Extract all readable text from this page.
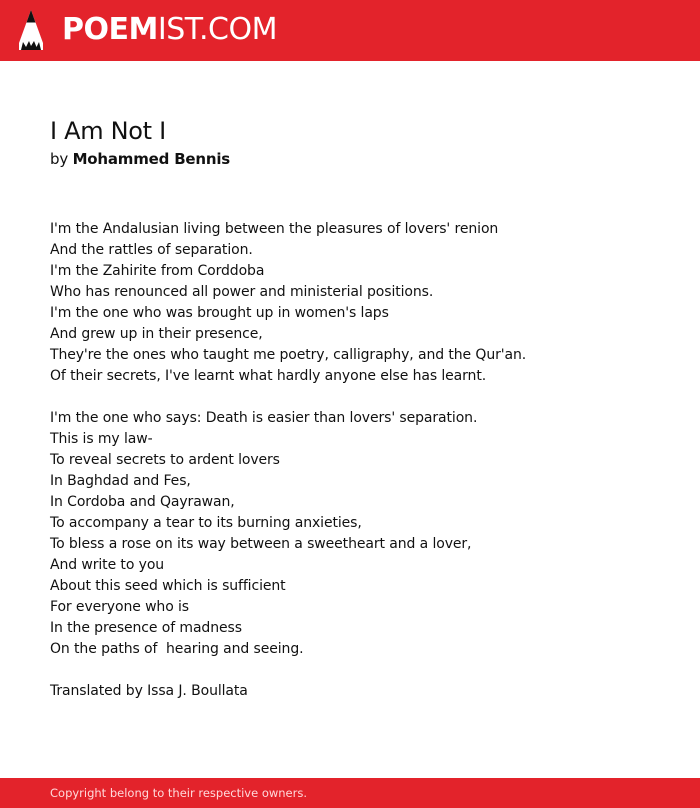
POEMIST.COM
I Am Not I
by Mohammed Bennis
I'm the Andalusian living between the pleasures of lovers' renion
And the rattles of separation.
I'm the Zahirite from Corddoba
Who has renounced all power and ministerial positions.
I'm the one who was brought up in women's laps
And grew up in their presence,
They're the ones who taught me poetry, calligraphy, and the Qur'an.
Of their secrets, I've learnt what hardly anyone else has learnt.
I'm the one who says: Death is easier than lovers' separation.
This is my law-
To reveal secrets to ardent lovers
In Baghdad and Fes,
In Cordoba and Qayrawan,
To accompany a tear to its burning anxieties,
To bless a rose on its way between a sweetheart and a lover,
And write to you
About this seed which is sufficient
For everyone who is
In the presence of madness
On the paths of  hearing and seeing.
Translated by Issa J. Boullata
Copyright belong to their respective owners.
